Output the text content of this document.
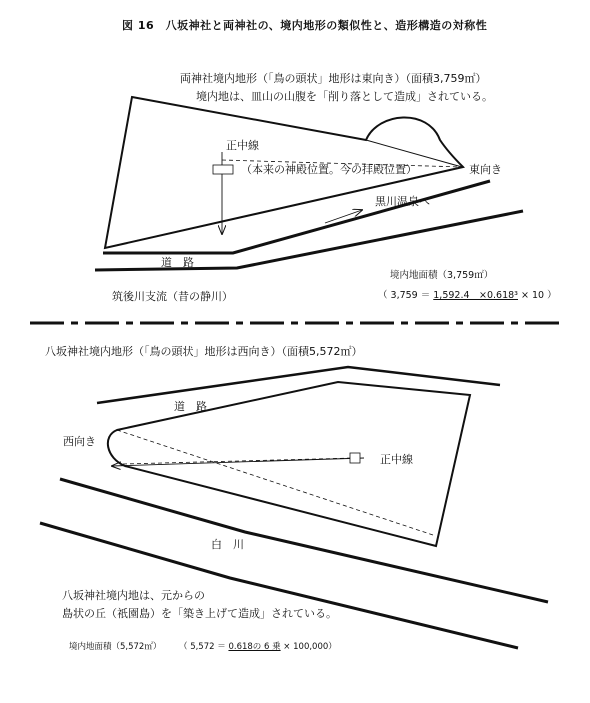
図 16　八坂神社と両神社の、境内地形の類似性と、造形構造の対称性
両神社境内地形（「鳥の頭状」地形は東向き）（面積3,759㎡）
境内地は、皿山の山腹を「削り落として造成」されている。
正中線
（本来の神殿位置。今の拝殿位置）	東向き
黒川温泉へ
道　路
筑後川支流（昔の静川）
境内地面積（3,759㎡）
（ 3,759 ＝ 1,592.4　×0.618³ × 10 ）
八坂神社境内地形（「鳥の頭状」地形は西向き）（面積5,572㎡）
道　路
西向き
正中線
白　川
八坂神社境内地は、元からの
島状の丘（祇園島）を「築き上げて造成」されている。
境内地面積（5,572㎡） （ 5,572 ＝ 0.618の 6 乗 × 100,000）
